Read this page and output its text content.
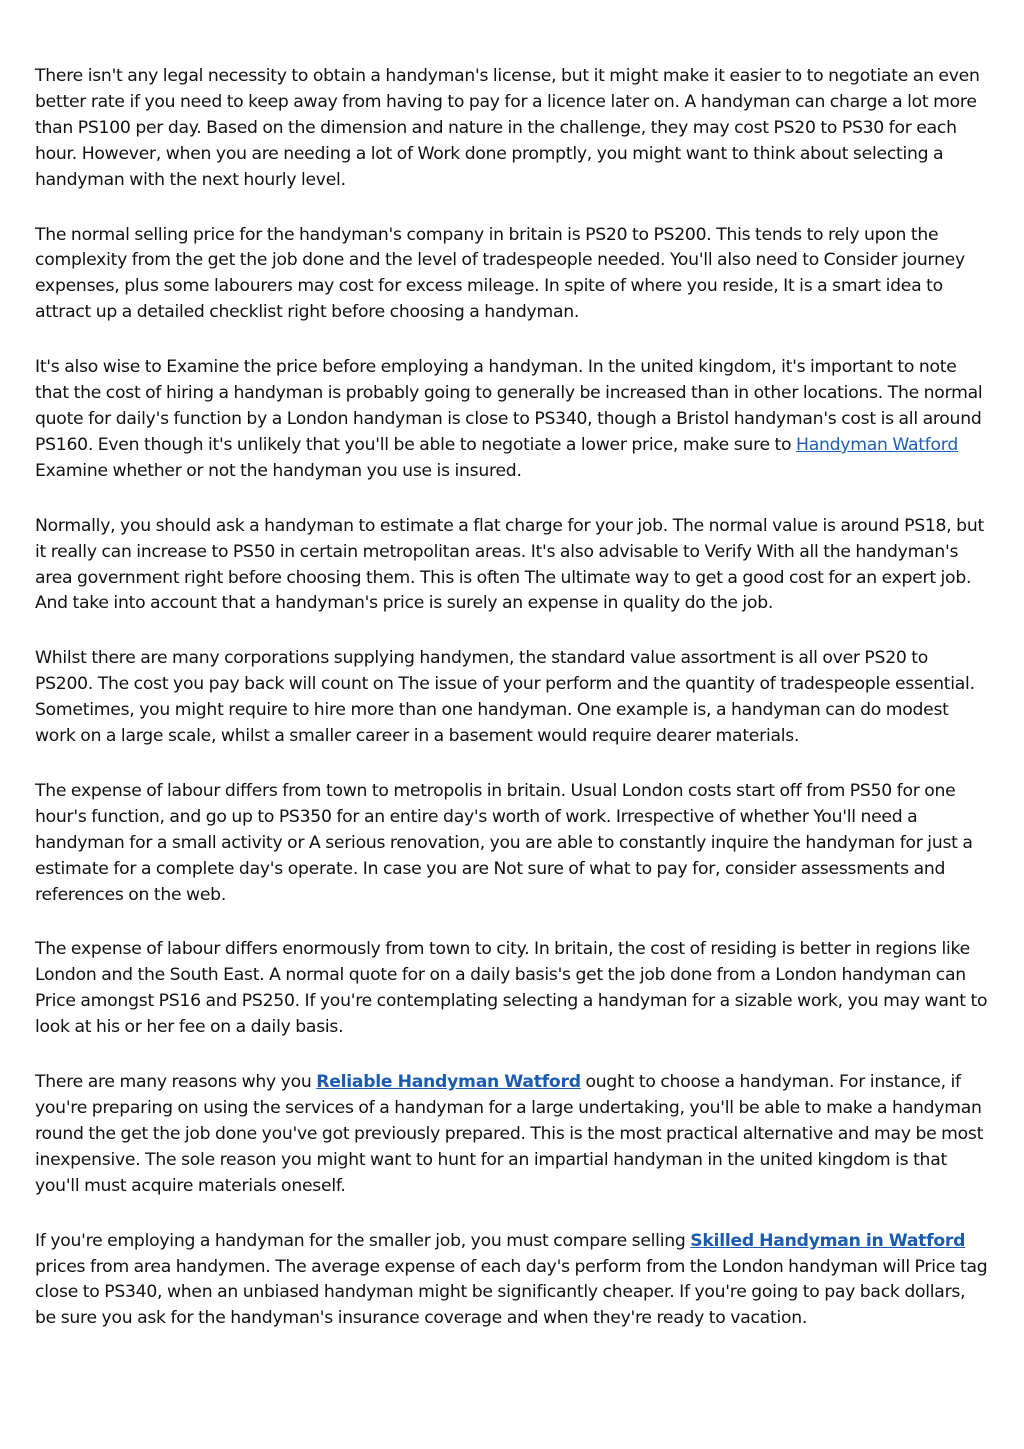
There isn't any legal necessity to obtain a handyman's license, but it might make it easier to to negotiate an even better rate if you need to keep away from having to pay for a licence later on. A handyman can charge a lot more than PS100 per day. Based on the dimension and nature in the challenge, they may cost PS20 to PS30 for each hour. However, when you are needing a lot of Work done promptly, you might want to think about selecting a handyman with the next hourly level.

The normal selling price for the handyman's company in britain is PS20 to PS200. This tends to rely upon the complexity from the get the job done and the level of tradespeople needed. You'll also need to Consider journey expenses, plus some labourers may cost for excess mileage. In spite of where you reside, It is a smart idea to attract up a detailed checklist right before choosing a handyman.

It's also wise to Examine the price before employing a handyman. In the united kingdom, it's important to note that the cost of hiring a handyman is probably going to generally be increased than in other locations. The normal quote for daily's function by a London handyman is close to PS340, though a Bristol handyman's cost is all around PS160. Even though it's unlikely that you'll be able to negotiate a lower price, make sure to Handyman Watford Examine whether or not the handyman you use is insured.

Normally, you should ask a handyman to estimate a flat charge for your job. The normal value is around PS18, but it really can increase to PS50 in certain metropolitan areas. It's also advisable to Verify With all the handyman's area government right before choosing them. This is often The ultimate way to get a good cost for an expert job. And take into account that a handyman's price is surely an expense in quality do the job.

Whilst there are many corporations supplying handymen, the standard value assortment is all over PS20 to PS200. The cost you pay back will count on The issue of your perform and the quantity of tradespeople essential. Sometimes, you might require to hire more than one handyman. One example is, a handyman can do modest work on a large scale, whilst a smaller career in a basement would require dearer materials.

The expense of labour differs from town to metropolis in britain. Usual London costs start off from PS50 for one hour's function, and go up to PS350 for an entire day's worth of work. Irrespective of whether You'll need a handyman for a small activity or A serious renovation, you are able to constantly inquire the handyman for just a estimate for a complete day's operate. In case you are Not sure of what to pay for, consider assessments and references on the web.

The expense of labour differs enormously from town to city. In britain, the cost of residing is better in regions like London and the South East. A normal quote for on a daily basis's get the job done from a London handyman can Price amongst PS16 and PS250. If you're contemplating selecting a handyman for a sizable work, you may want to look at his or her fee on a daily basis.

There are many reasons why you Reliable Handyman Watford ought to choose a handyman. For instance, if you're preparing on using the services of a handyman for a large undertaking, you'll be able to make a handyman round the get the job done you've got previously prepared. This is the most practical alternative and may be most inexpensive. The sole reason you might want to hunt for an impartial handyman in the united kingdom is that you'll must acquire materials oneself.

If you're employing a handyman for the smaller job, you must compare selling Skilled Handyman in Watford prices from area handymen. The average expense of each day's perform from the London handyman will Price tag close to PS340, when an unbiased handyman might be significantly cheaper. If you're going to pay back dollars, be sure you ask for the handyman's insurance coverage and when they're ready to vacation.
